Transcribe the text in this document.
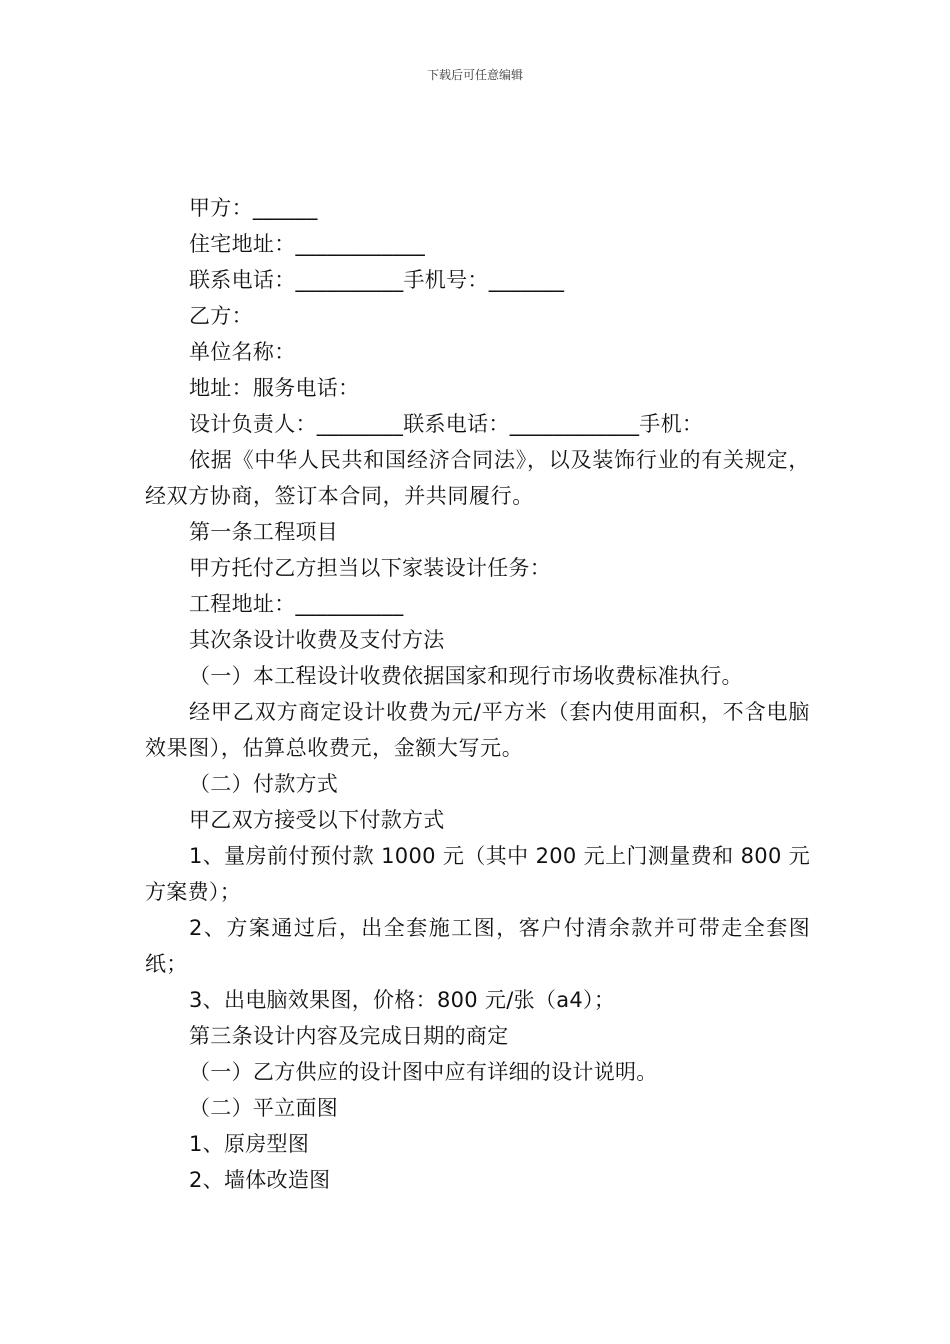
下载后可任意编辑
甲方：______
住宅地址：____________
联系电话：__________手机号：_______
乙方：
单位名称：
地址：服务电话：
设计负责人：________联系电话：____________手机：
依据《中华人民共和国经济合同法》，以及装饰行业的有关规定，经双方协商，签订本合同，并共同履行。
第一条工程项目
甲方托付乙方担当以下家装设计任务：
工程地址：__________
其次条设计收费及支付方法
（一）本工程设计收费依据国家和现行市场收费标准执行。
经甲乙双方商定设计收费为元/平方米（套内使用面积，不含电脑效果图），估算总收费元，金额大写元。
（二）付款方式
甲乙双方接受以下付款方式
1、量房前付预付款 1000 元（其中 200 元上门测量费和 800 元方案费）；
2、方案通过后，出全套施工图，客户付清余款并可带走全套图纸；
3、出电脑效果图，价格：800 元/张（a4）；
第三条设计内容及完成日期的商定
（一）乙方供应的设计图中应有详细的设计说明。
（二）平立面图
1、原房型图
2、墙体改造图
